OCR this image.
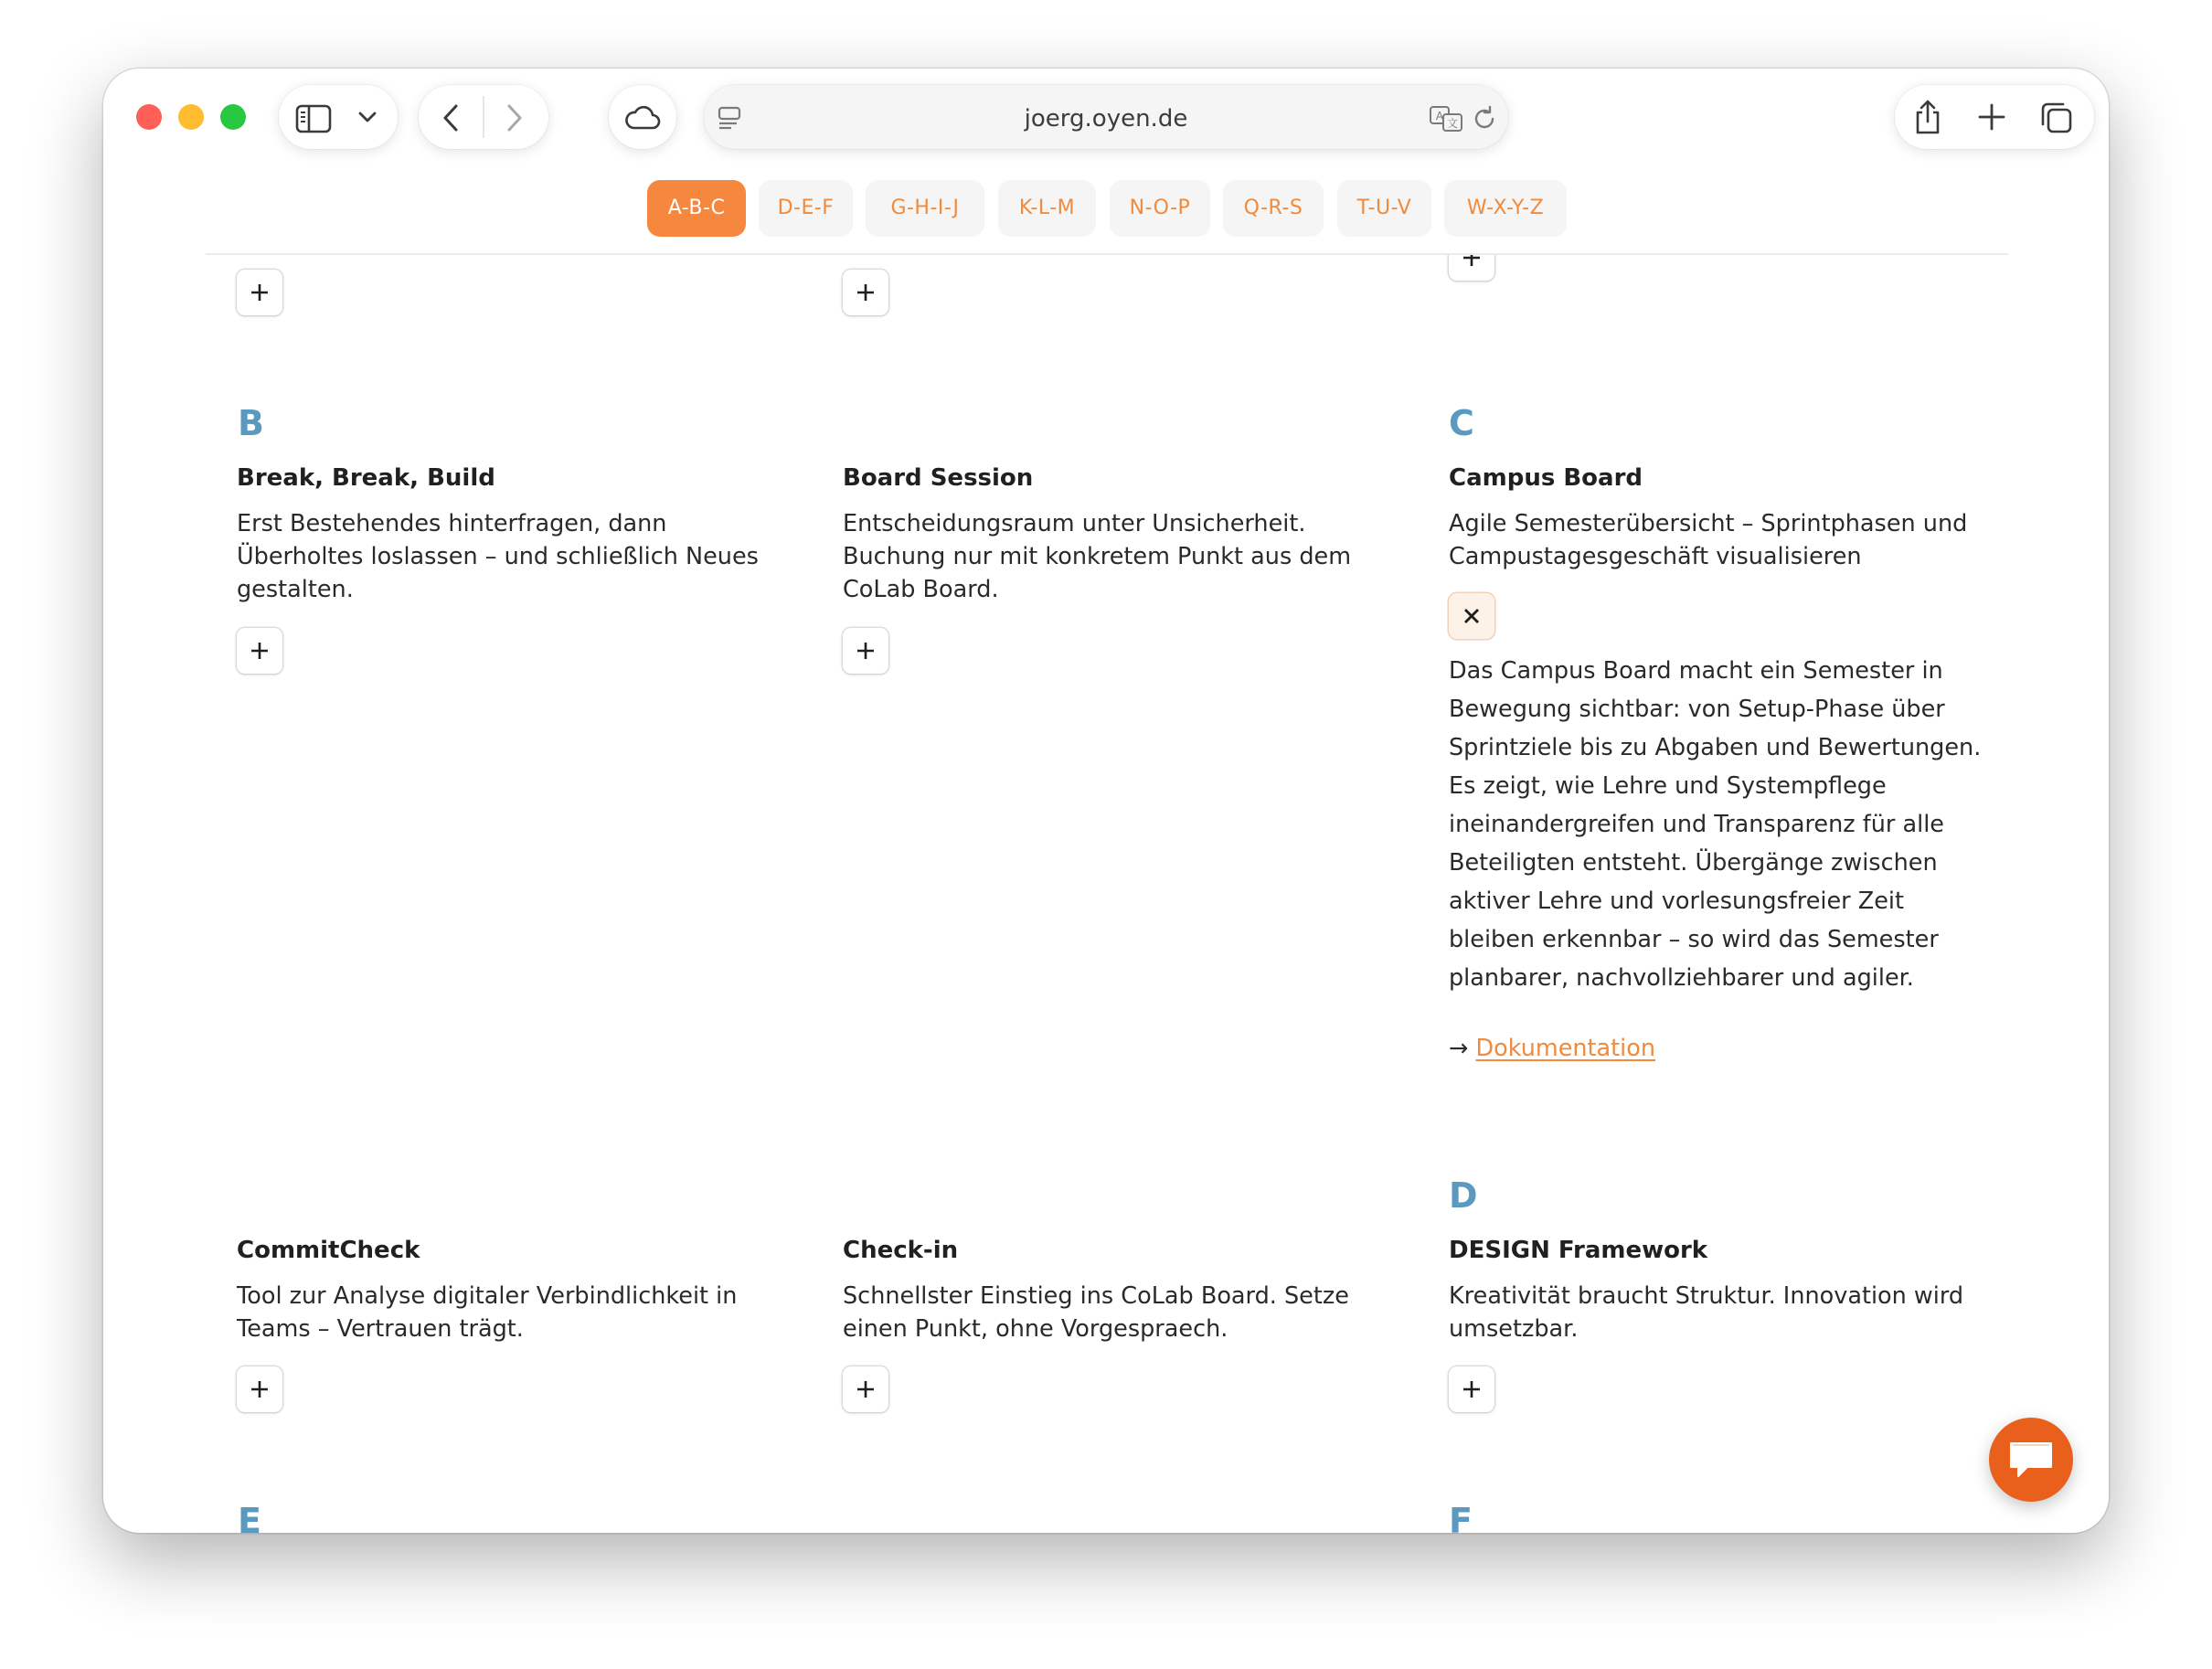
joerg.oyen.de	A
文
A-B-C	D-E-F	G-H-I-J	K-L-M	N-O-P	Q-R-S	T-U-V	W-X-Y-Z
B	C
Break, Break, Build

Erst Bestehendes hinterfragen, dann Überholtes loslassen – und schließlich Neues gestalten.

Board Session

Entscheidungsraum unter Unsicherheit. Buchung nur mit konkretem Punkt aus dem CoLab Board.

Campus Board

Agile Semesterübersicht – Sprintphasen und Campustagesgeschäft visualisieren

Das Campus Board macht ein Semester in Bewegung sichtbar: von Setup-Phase über Sprintziele bis zu Abgaben und Bewertungen. Es zeigt, wie Lehre und Systempflege ineinandergreifen und Transparenz für alle Beteiligten entsteht. Übergänge zwischen aktiver Lehre und vorlesungsfreier Zeit bleiben erkennbar – so wird das Semester planbarer, nachvollziehbarer und agiler.

→ Dokumentation
D
CommitCheck

Tool zur Analyse digitaler Verbindlichkeit in Teams – Vertrauen trägt.

Check-in

Schnellster Einstieg ins CoLab Board. Setze einen Punkt, ohne Vorgespraech.

DESIGN Framework

Kreativität braucht Struktur. Innovation wird umsetzbar.

E	F
